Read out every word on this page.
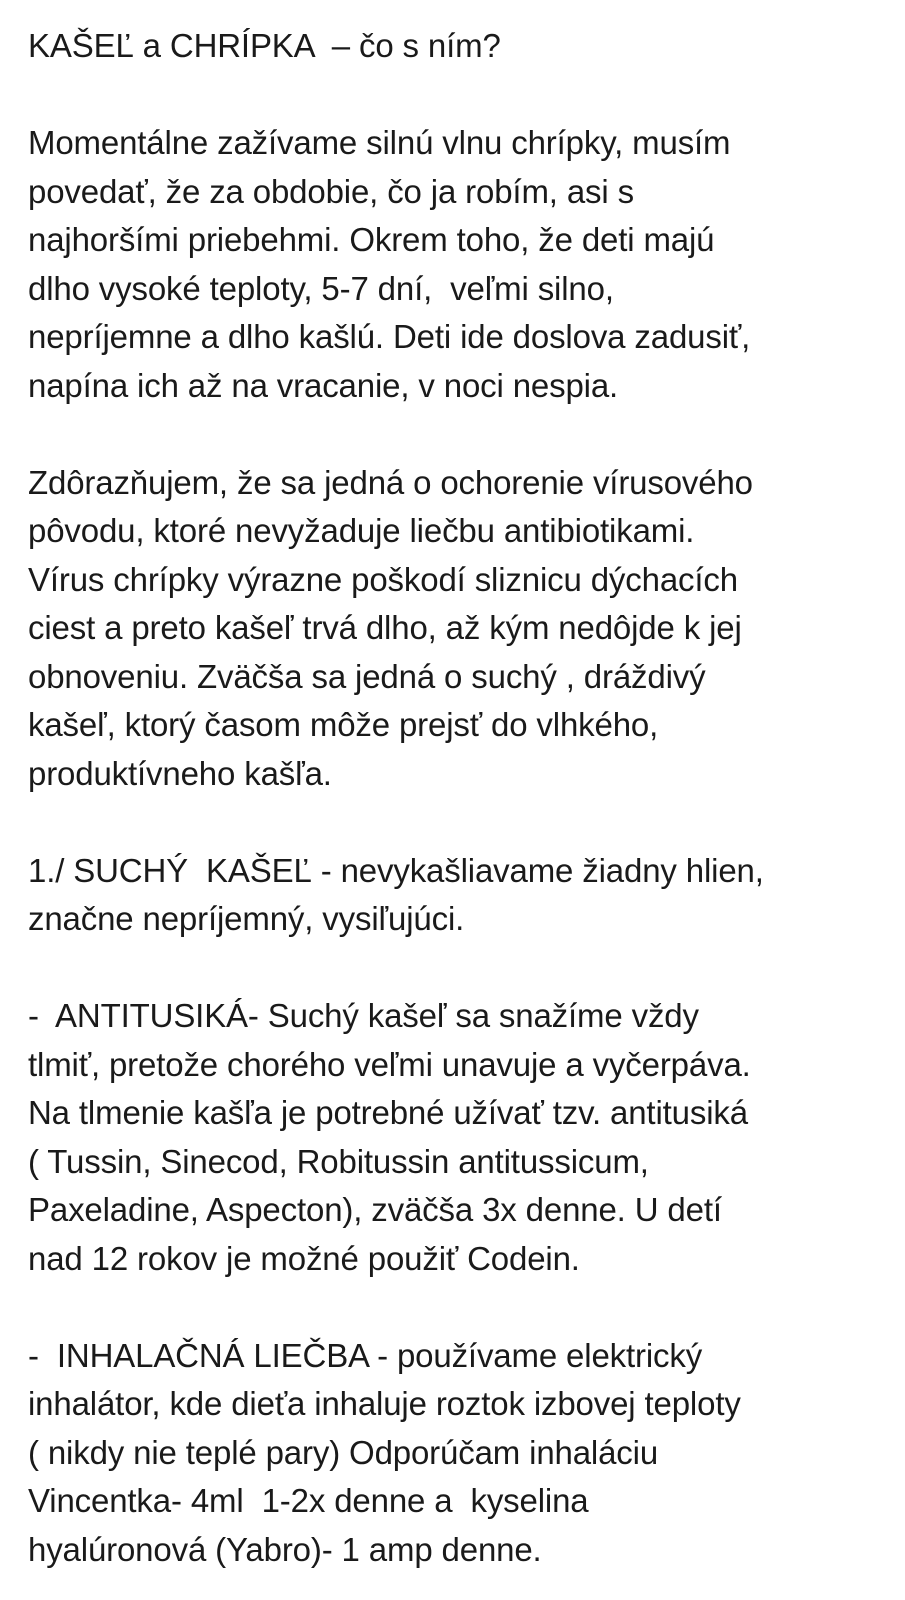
KAŠEĽ a CHRÍPKA  – čo s ním?
Momentálne zažívame silnú vlnu chrípky, musím
povedať, že za obdobie, čo ja robím, asi s
najhoršími priebehmi. Okrem toho, že deti majú
dlho vysoké teploty, 5-7 dní,  veľmi silno,
nepríjemne a dlho kašlú. Deti ide doslova zadusiť,
napína ich až na vracanie, v noci nespia.
Zdôrazňujem, že sa jedná o ochorenie vírusového
pôvodu, ktoré nevyžaduje liečbu antibiotikami.
Vírus chrípky výrazne poškodí sliznicu dýchacích
ciest a preto kašeľ trvá dlho, až kým nedôjde k jej
obnoveniu. Zväčša sa jedná o suchý , dráždivý
kašeľ, ktorý časom môže prejsť do vlhkého,
produktívneho kašľa.
1./ SUCHÝ  KAŠEĽ - nevykašliavame žiadny hlien,
značne nepríjemný, vysiľujúci.
-  ANTITUSIKÁ- Suchý kašeľ sa snažíme vždy
tlmiť, pretože chorého veľmi unavuje a vyčerpáva.
Na tlmenie kašľa je potrebné užívať tzv. antitusiká
( Tussin, Sinecod, Robitussin antitussicum,
Paxeladine, Aspecton), zväčša 3x denne. U detí
nad 12 rokov je možné použiť Codein.
-  INHALAČNÁ LIEČBA - používame elektrický
inhalátor, kde dieťa inhaluje roztok izbovej teploty
( nikdy nie teplé pary) Odporúčam inhaláciu
Vincentka- 4ml  1-2x denne a  kyselina
hyalúronová (Yabro)- 1 amp denne.
